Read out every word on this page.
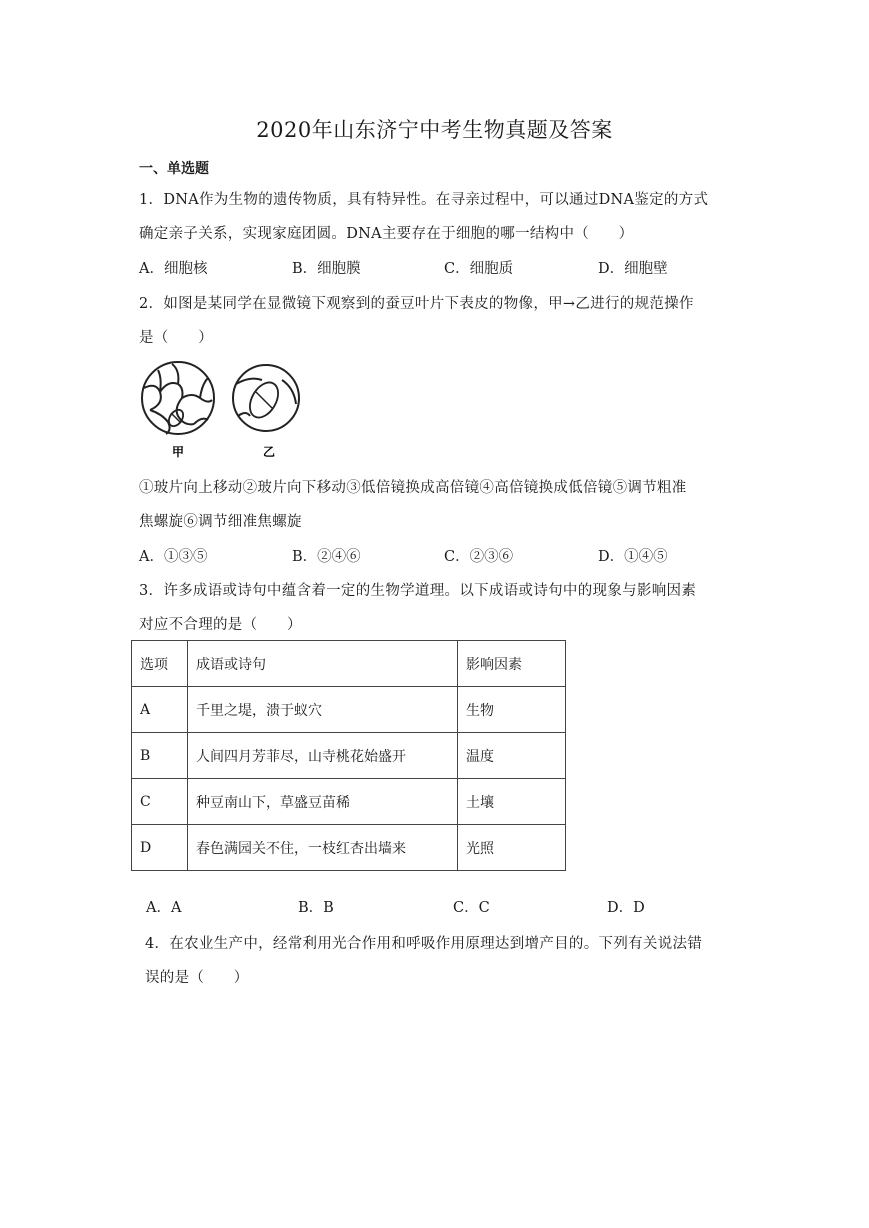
2020年山东济宁中考生物真题及答案
一、单选题
1．DNA作为生物的遗传物质，具有特异性。在寻亲过程中，可以通过DNA鉴定的方式
确定亲子关系，实现家庭团圆。DNA主要存在于细胞的哪一结构中（　　）
A．细胞核	B．细胞膜	C．细胞质	D．细胞壁
2．如图是某同学在显微镜下观察到的蚕豆叶片下表皮的物像，甲→乙进行的规范操作
是（　　）
甲	乙
①玻片向上移动②玻片向下移动③低倍镜换成高倍镜④高倍镜换成低倍镜⑤调节粗准
焦螺旋⑥调节细准焦螺旋
A．①③⑤	B．②④⑥	C．②③⑥	D．①④⑤
3．许多成语或诗句中蕴含着一定的生物学道理。以下成语或诗句中的现象与影响因素
对应不合理的是（　　）
选项	成语或诗句	影响因素
A	千里之堤，溃于蚁穴	生物
B	人间四月芳菲尽，山寺桃花始盛开	温度
C	种豆南山下，草盛豆苗稀	土壤
D	春色满园关不住，一枝红杏出墙来	光照
A．A	B．B	C．C	D．D
4．在农业生产中，经常利用光合作用和呼吸作用原理达到增产目的。下列有关说法错
误的是（　　）
